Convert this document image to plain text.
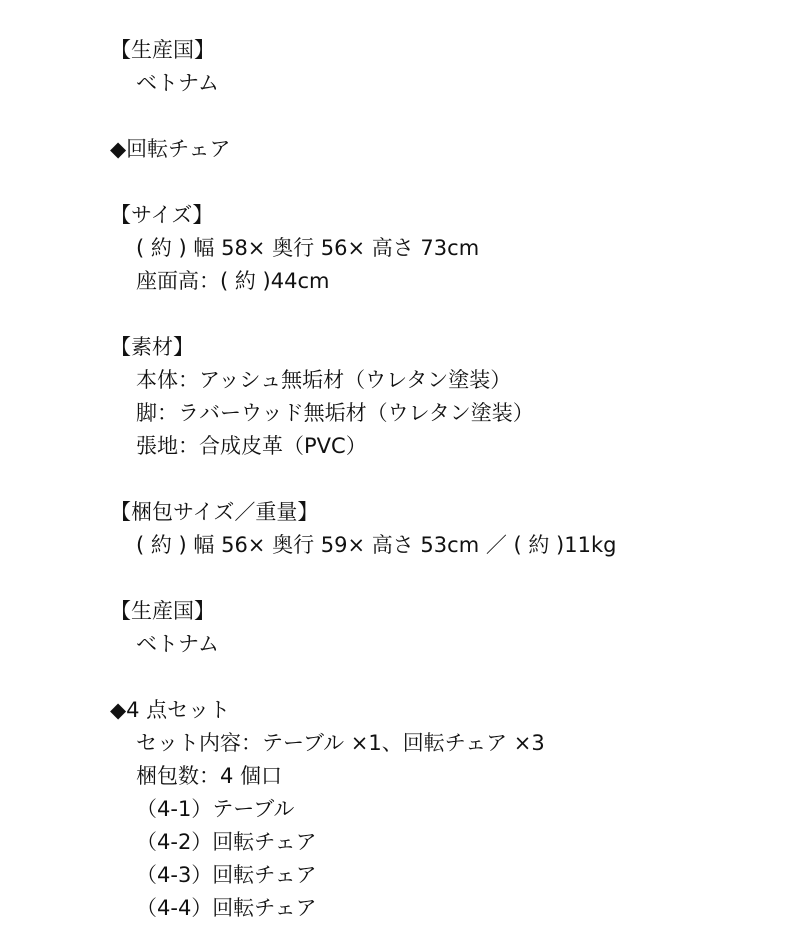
【生産国】
ベトナム
◆回転チェア
【サイズ】
( 約 ) 幅 58× 奥行 56× 高さ 73cm
座面高：( 約 )44cm
【素材】
本体：アッシュ無垢材（ウレタン塗装）
脚：ラバーウッド無垢材（ウレタン塗装）
張地：合成皮革（PVC）
【梱包サイズ／重量】
( 約 ) 幅 56× 奥行 59× 高さ 53cm ／ ( 約 )11kg
【生産国】
ベトナム
◆4 点セット
セット内容：テーブル ×1、回転チェア ×3
梱包数：4 個口
（4-1）テーブル
（4-2）回転チェア
（4-3）回転チェア
（4-4）回転チェア
